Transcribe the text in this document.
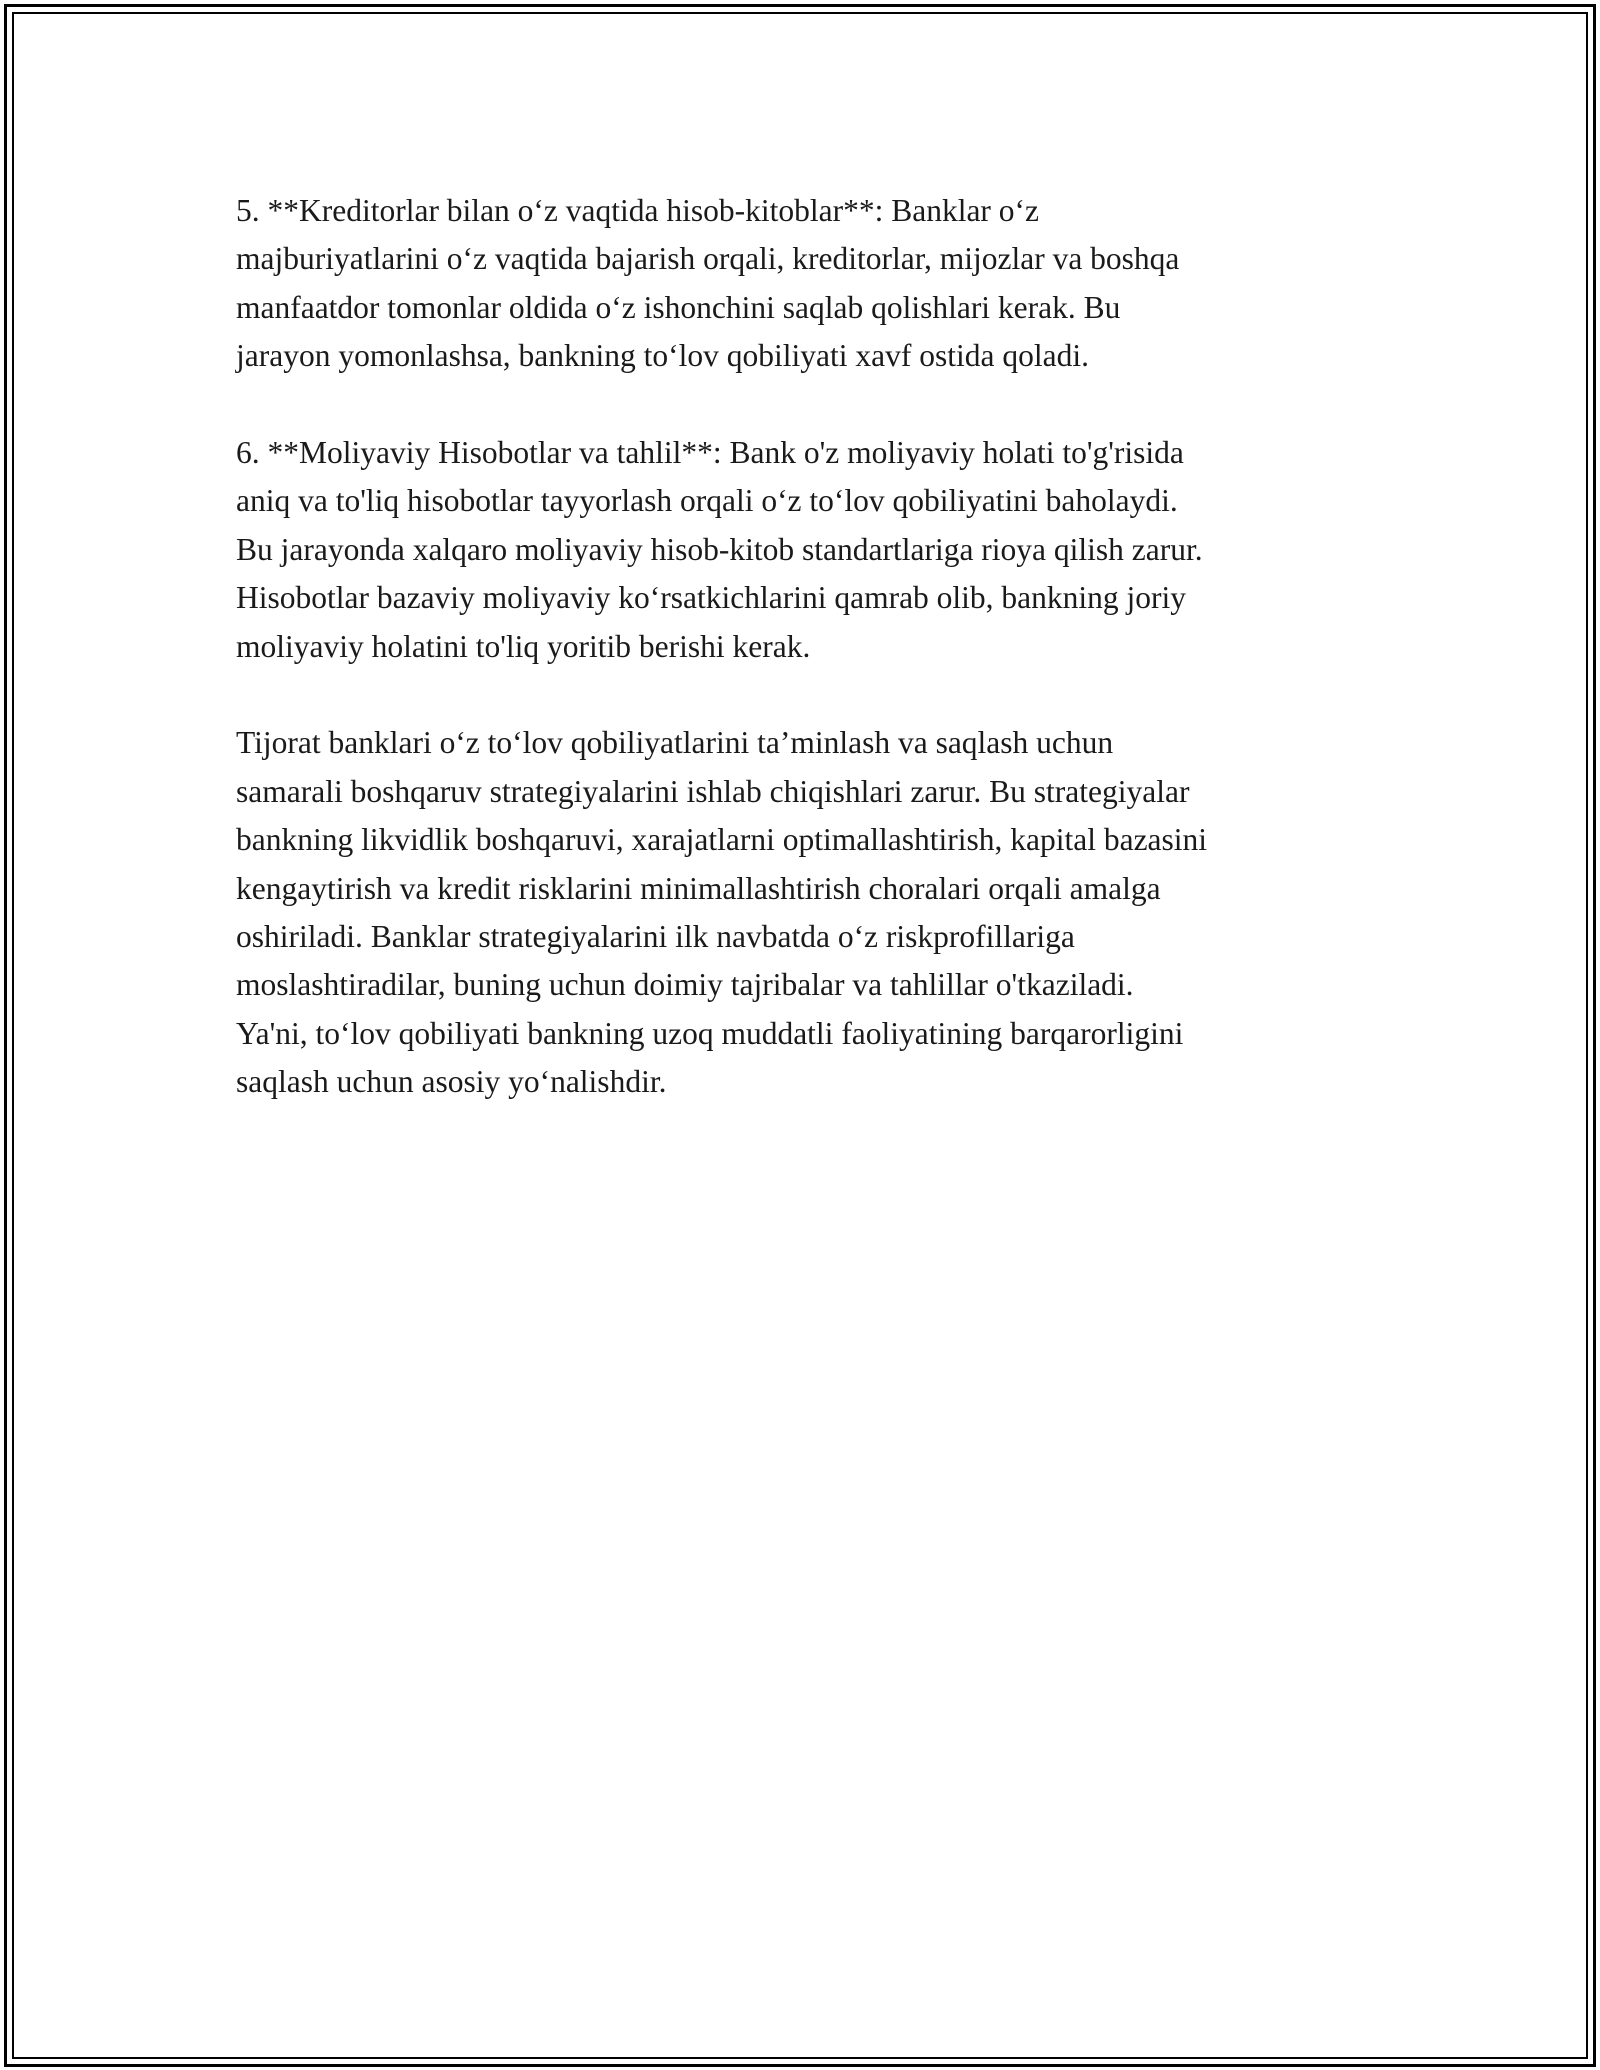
5. **Kreditorlar bilan o‘z vaqtida hisob-kitoblar**: Banklar o‘z
majburiyatlarini o‘z vaqtida bajarish orqali, kreditorlar, mijozlar va boshqa
manfaatdor tomonlar oldida o‘z ishonchini saqlab qolishlari kerak. Bu
jarayon yomonlashsa, bankning to‘lov qobiliyati xavf ostida qoladi.

6. **Moliyaviy Hisobotlar va tahlil**: Bank o'z moliyaviy holati to'g'risida
aniq va to'liq hisobotlar tayyorlash orqali o‘z to‘lov qobiliyatini baholaydi.
Bu jarayonda xalqaro moliyaviy hisob-kitob standartlariga rioya qilish zarur.
Hisobotlar bazaviy moliyaviy ko‘rsatkichlarini qamrab olib, bankning joriy
moliyaviy holatini to'liq yoritib berishi kerak.

Tijorat banklari o‘z to‘lov qobiliyatlarini ta’minlash va saqlash uchun
samarali boshqaruv strategiyalarini ishlab chiqishlari zarur. Bu strategiyalar
bankning likvidlik boshqaruvi, xarajatlarni optimallashtirish, kapital bazasini
kengaytirish va kredit risklarini minimallashtirish choralari orqali amalga
oshiriladi. Banklar strategiyalarini ilk navbatda o‘z riskprofillariga
moslashtiradilar, buning uchun doimiy tajribalar va tahlillar o'tkaziladi.
Ya'ni, to‘lov qobiliyati bankning uzoq muddatli faoliyatining barqarorligini
saqlash uchun asosiy yo‘nalishdir.
